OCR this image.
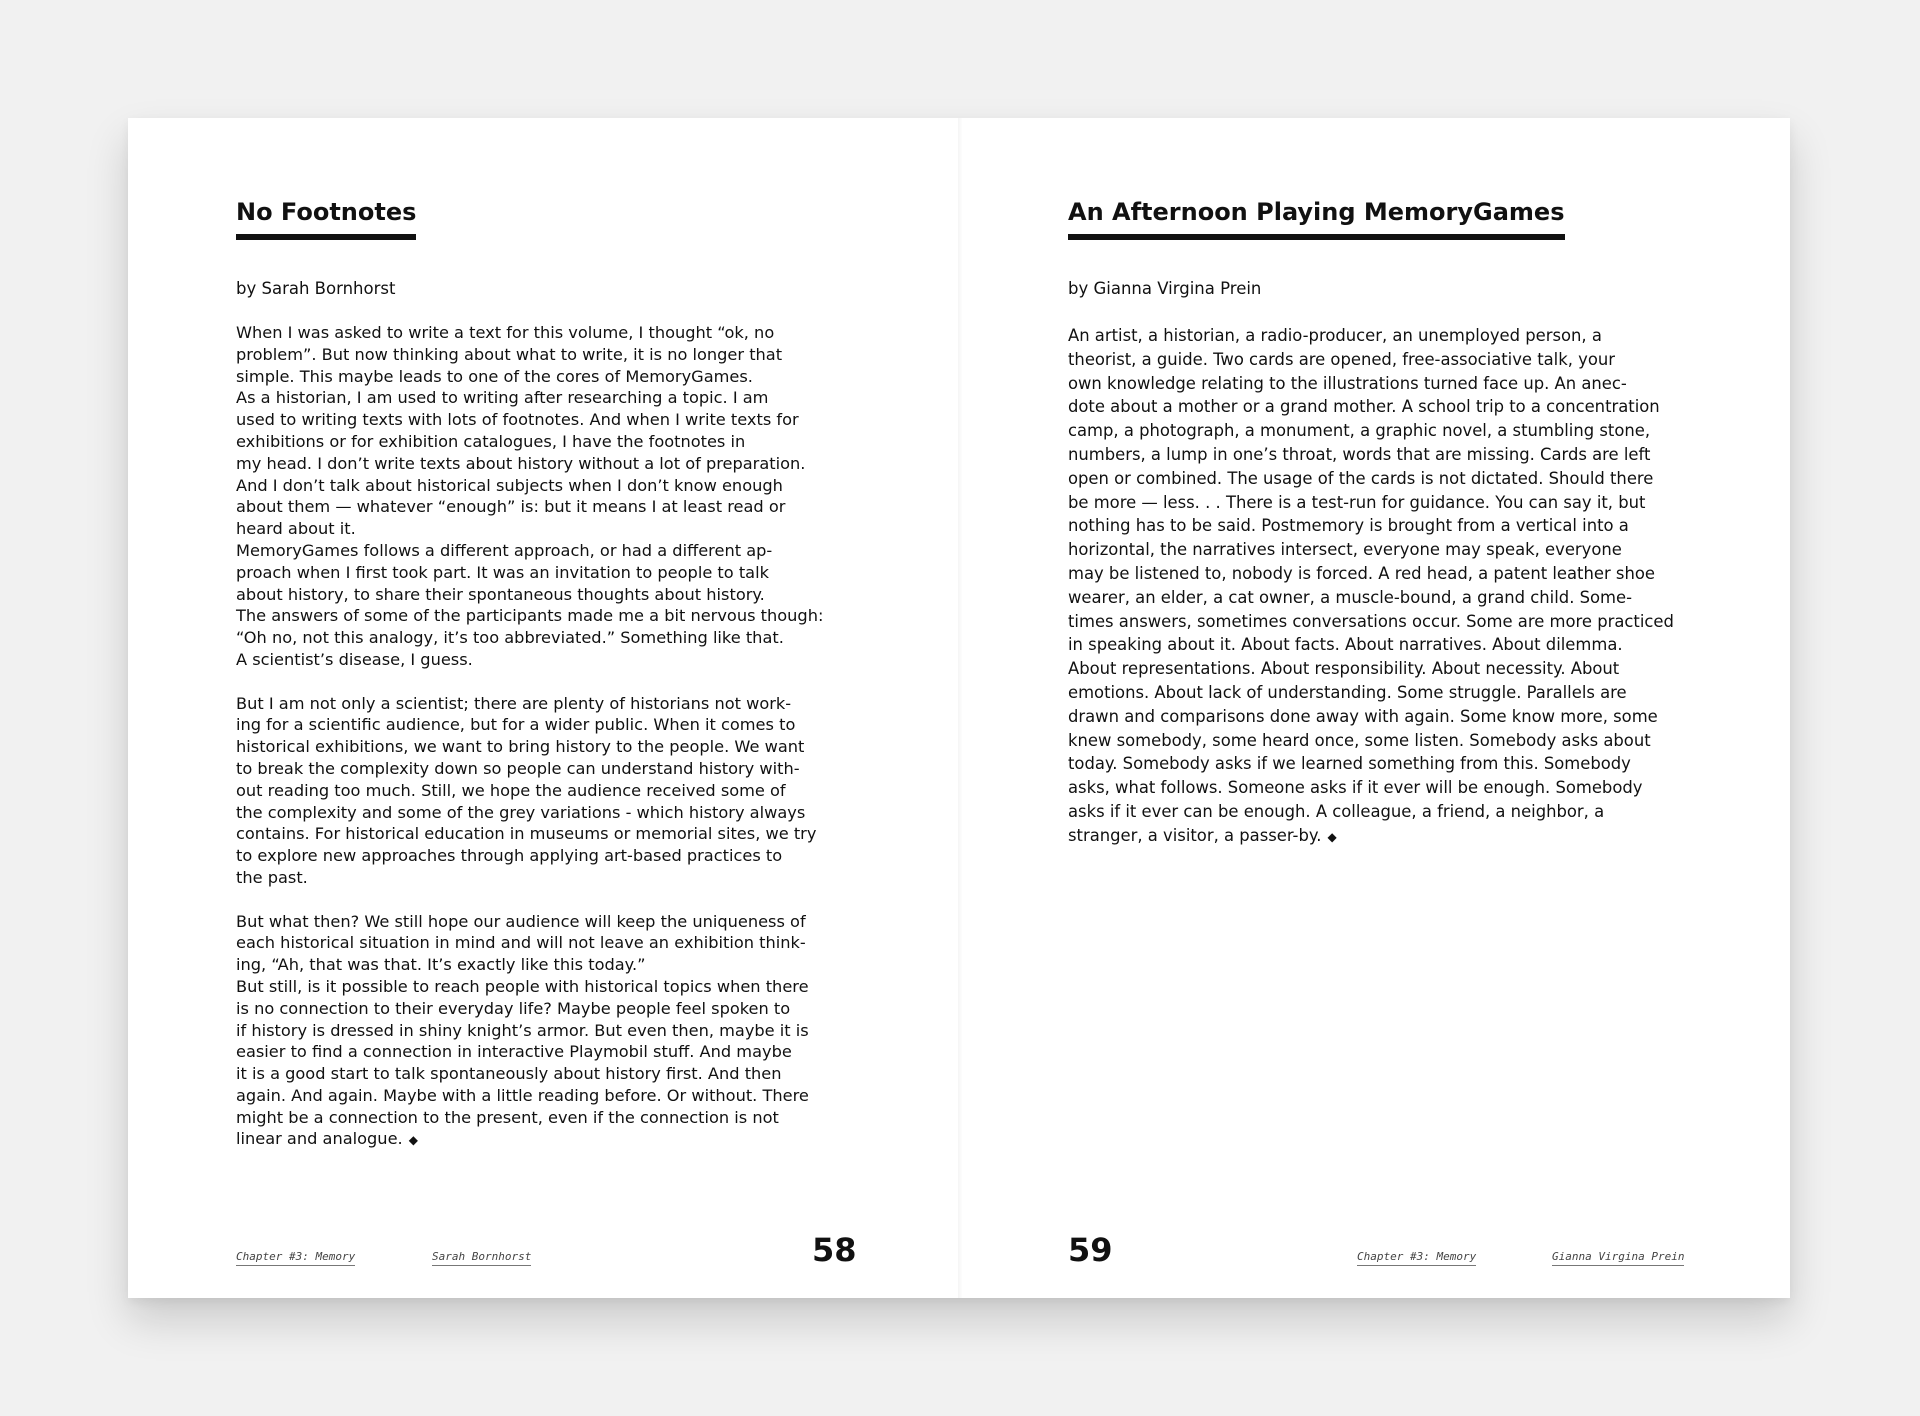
No Footnotes

by Sarah Bornhorst

When I was asked to write a text for this volume, I thought “ok, no
problem”. But now thinking about what to write, it is no longer that
simple. This maybe leads to one of the cores of MemoryGames.
As a historian, I am used to writing after researching a topic. I am
used to writing texts with lots of footnotes. And when I write texts for
exhibitions or for exhibition catalogues, I have the footnotes in
my head. I don’t write texts about history without a lot of preparation.
And I don’t talk about historical subjects when I don’t know enough
about them — whatever “enough” is: but it means I at least read or
heard about it.
MemoryGames follows a different approach, or had a different ap-
proach when I first took part. It was an invitation to people to talk
about history, to share their spontaneous thoughts about history.
The answers of some of the participants made me a bit nervous though:
“Oh no, not this analogy, it’s too abbreviated.” Something like that.
A scientist’s disease, I guess.

But I am not only a scientist; there are plenty of historians not work-
ing for a scientific audience, but for a wider public. When it comes to
historical exhibitions, we want to bring history to the people. We want
to break the complexity down so people can understand history with-
out reading too much. Still, we hope the audience received some of
the complexity and some of the grey variations - which history always
contains. For historical education in museums or memorial sites, we try
to explore new approaches through applying art-based practices to
the past.

But what then? We still hope our audience will keep the uniqueness of
each historical situation in mind and will not leave an exhibition think-
ing, “Ah, that was that. It’s exactly like this today.”
But still, is it possible to reach people with historical topics when there
is no connection to their everyday life? Maybe people feel spoken to
if history is dressed in shiny knight’s armor. But even then, maybe it is
easier to find a connection in interactive Playmobil stuff. And maybe
it is a good start to talk spontaneously about history first. And then
again. And again. Maybe with a little reading before. Or without. There
might be a connection to the present, even if the connection is not
linear and analogue. ◆

Chapter #3: Memory	Sarah Bornhorst	58
An Afternoon Playing MemoryGames

by Gianna Virgina Prein

An artist, a historian, a radio-producer, an unemployed person, a
theorist, a guide. Two cards are opened, free-associative talk, your
own knowledge relating to the illustrations turned face up. An anec-
dote about a mother or a grand mother. A school trip to a concentration
camp, a photograph, a monument, a graphic novel, a stumbling stone,
numbers, a lump in one’s throat, words that are missing. Cards are left
open or combined. The usage of the cards is not dictated. Should there
be more — less. . . There is a test-run for guidance. You can say it, but
nothing has to be said. Postmemory is brought from a vertical into a
horizontal, the narratives intersect, everyone may speak, everyone
may be listened to, nobody is forced. A red head, a patent leather shoe
wearer, an elder, a cat owner, a muscle-bound, a grand child. Some-
times answers, sometimes conversations occur. Some are more practiced
in speaking about it. About facts. About narratives. About dilemma.
About representations. About responsibility. About necessity. About
emotions. About lack of understanding. Some struggle. Parallels are
drawn and comparisons done away with again. Some know more, some
knew somebody, some heard once, some listen. Somebody asks about
today. Somebody asks if we learned something from this. Somebody
asks, what follows. Someone asks if it ever will be enough. Somebody
asks if it ever can be enough. A colleague, a friend, a neighbor, a
stranger, a visitor, a passer-by. ◆

59	Chapter #3: Memory	Gianna Virgina Prein
